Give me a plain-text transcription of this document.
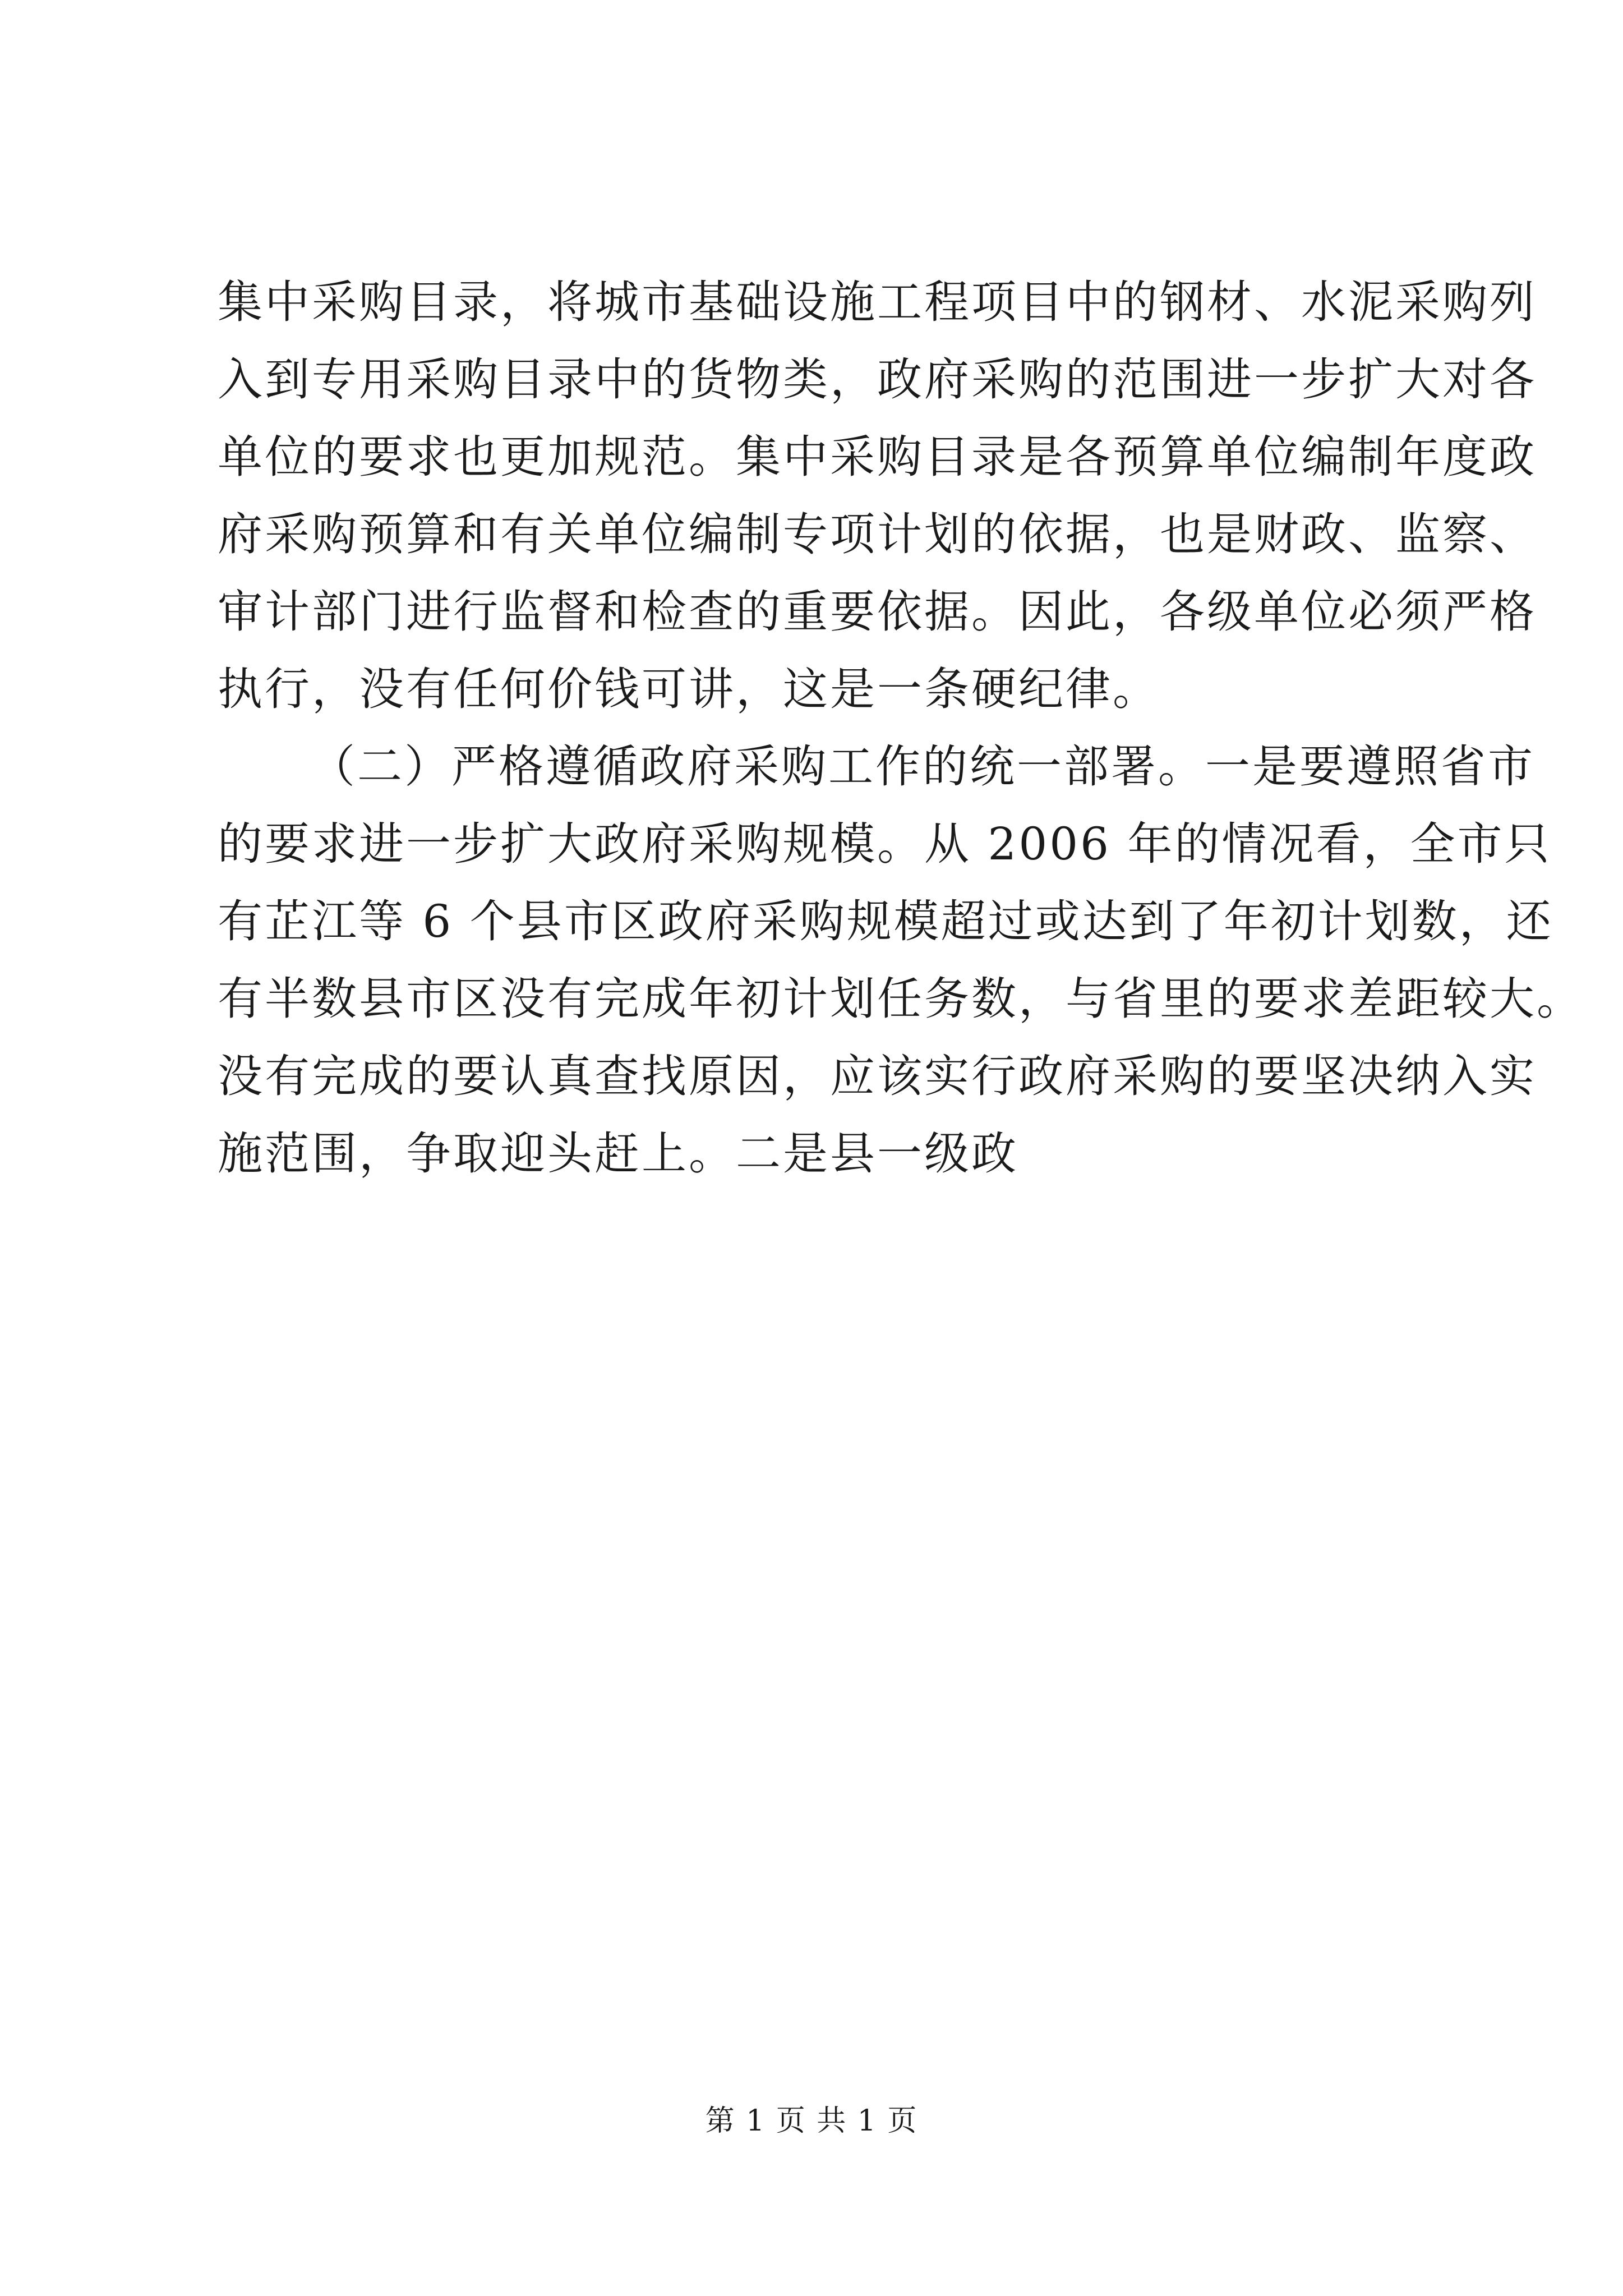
集中采购目录，将城市基础设施工程项目中的钢材、水泥采购列
入到专用采购目录中的货物类，政府采购的范围进一步扩大对各
单位的要求也更加规范。集中采购目录是各预算单位编制年度政
府采购预算和有关单位编制专项计划的依据，也是财政、监察、
审计部门进行监督和检查的重要依据。因此，各级单位必须严格
执行，没有任何价钱可讲，这是一条硬纪律。
（二）严格遵循政府采购工作的统一部署。一是要遵照省市
的要求进一步扩大政府采购规模。从 2006 年的情况看，全市只
有芷江等 6 个县市区政府采购规模超过或达到了年初计划数，还
有半数县市区没有完成年初计划任务数，与省里的要求差距较大。
没有完成的要认真查找原因，应该实行政府采购的要坚决纳入实
施范围，争取迎头赶上。二是县一级政
第 1 页 共 1 页
